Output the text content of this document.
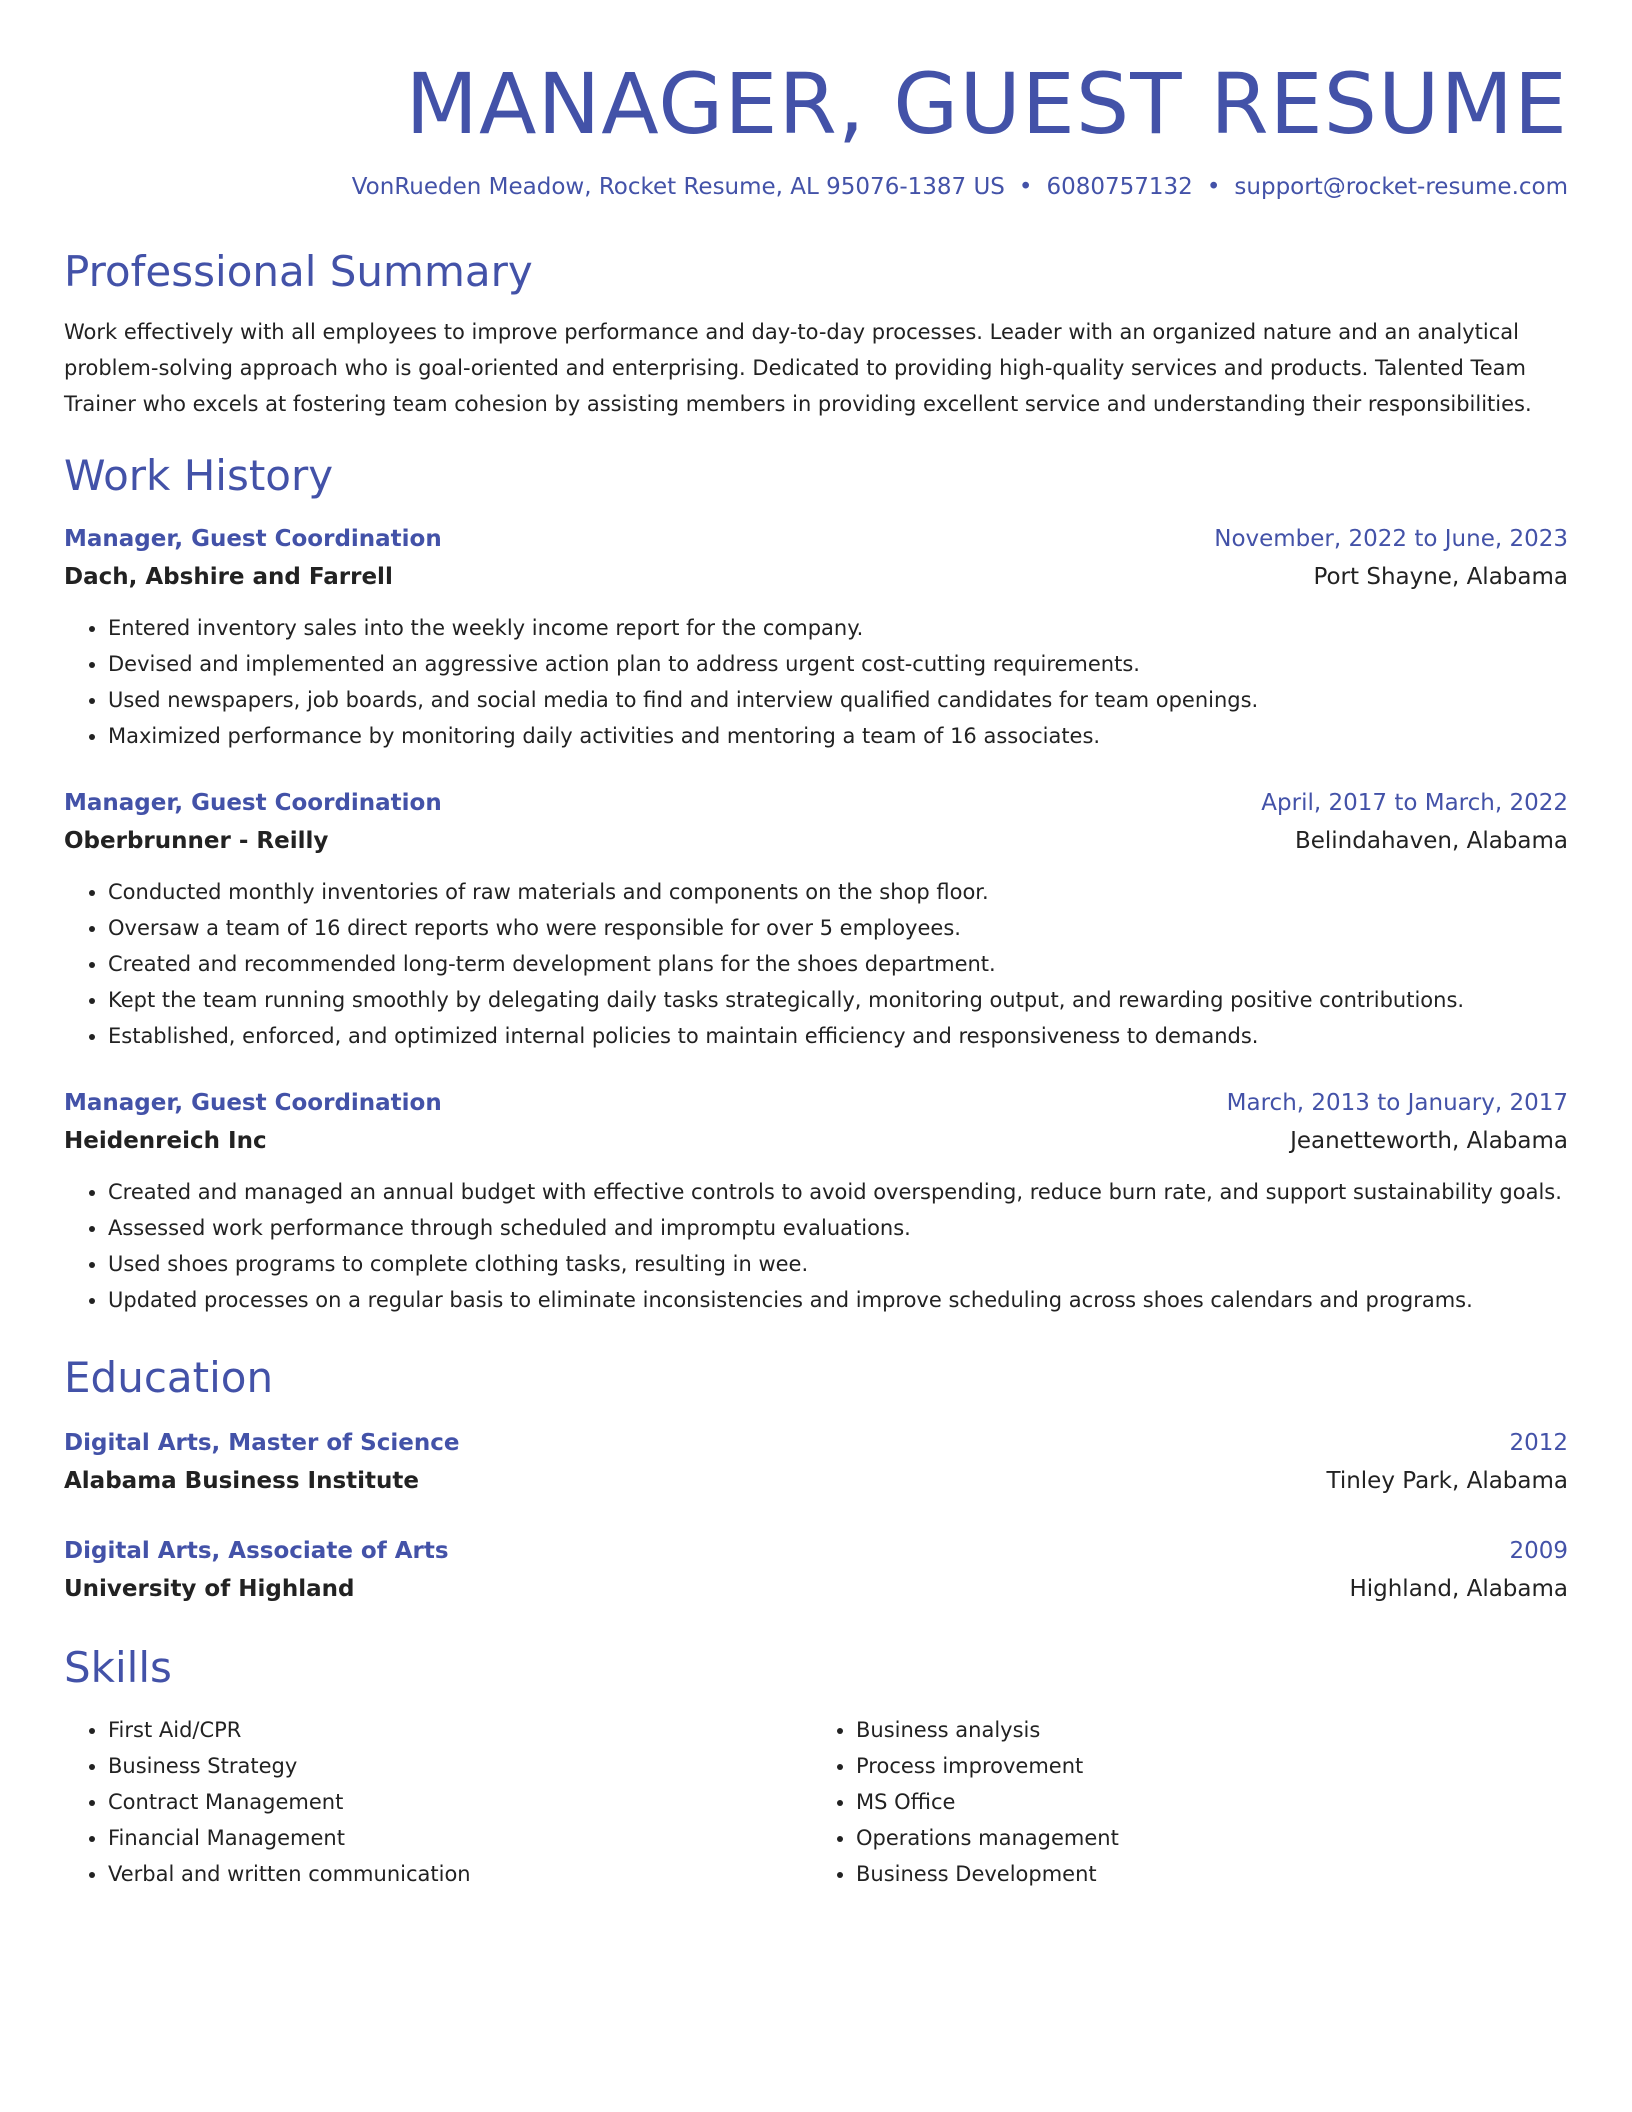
MANAGER, GUEST RESUME
VonRueden Meadow, Rocket Resume, AL 95076-1387 US • 6080757132 • support@rocket-resume.com
Professional Summary
Work effectively with all employees to improve performance and day-to-day processes. Leader with an organized nature and an analytical problem-solving approach who is goal-oriented and enterprising. Dedicated to providing high-quality services and products. Talented Team Trainer who excels at fostering team cohesion by assisting members in providing excellent service and understanding their responsibilities.
Work History
Manager, Guest Coordination	November, 2022 to June, 2023
Dach, Abshire and Farrell	Port Shayne, Alabama
• Entered inventory sales into the weekly income report for the company.
• Devised and implemented an aggressive action plan to address urgent cost-cutting requirements.
• Used newspapers, job boards, and social media to find and interview qualified candidates for team openings.
• Maximized performance by monitoring daily activities and mentoring a team of 16 associates.
Manager, Guest Coordination	April, 2017 to March, 2022
Oberbrunner - Reilly	Belindahaven, Alabama
• Conducted monthly inventories of raw materials and components on the shop floor.
• Oversaw a team of 16 direct reports who were responsible for over 5 employees.
• Created and recommended long-term development plans for the shoes department.
• Kept the team running smoothly by delegating daily tasks strategically, monitoring output, and rewarding positive contributions.
• Established, enforced, and optimized internal policies to maintain efficiency and responsiveness to demands.
Manager, Guest Coordination	March, 2013 to January, 2017
Heidenreich Inc	Jeanetteworth, Alabama
• Created and managed an annual budget with effective controls to avoid overspending, reduce burn rate, and support sustainability goals.
• Assessed work performance through scheduled and impromptu evaluations.
• Used shoes programs to complete clothing tasks, resulting in wee.
• Updated processes on a regular basis to eliminate inconsistencies and improve scheduling across shoes calendars and programs.
Education
Digital Arts, Master of Science	2012
Alabama Business Institute	Tinley Park, Alabama
Digital Arts, Associate of Arts	2009
University of Highland	Highland, Alabama
Skills
• First Aid/CPR
• Business Strategy
• Contract Management
• Financial Management
• Verbal and written communication
• Business analysis
• Process improvement
• MS Office
• Operations management
• Business Development
